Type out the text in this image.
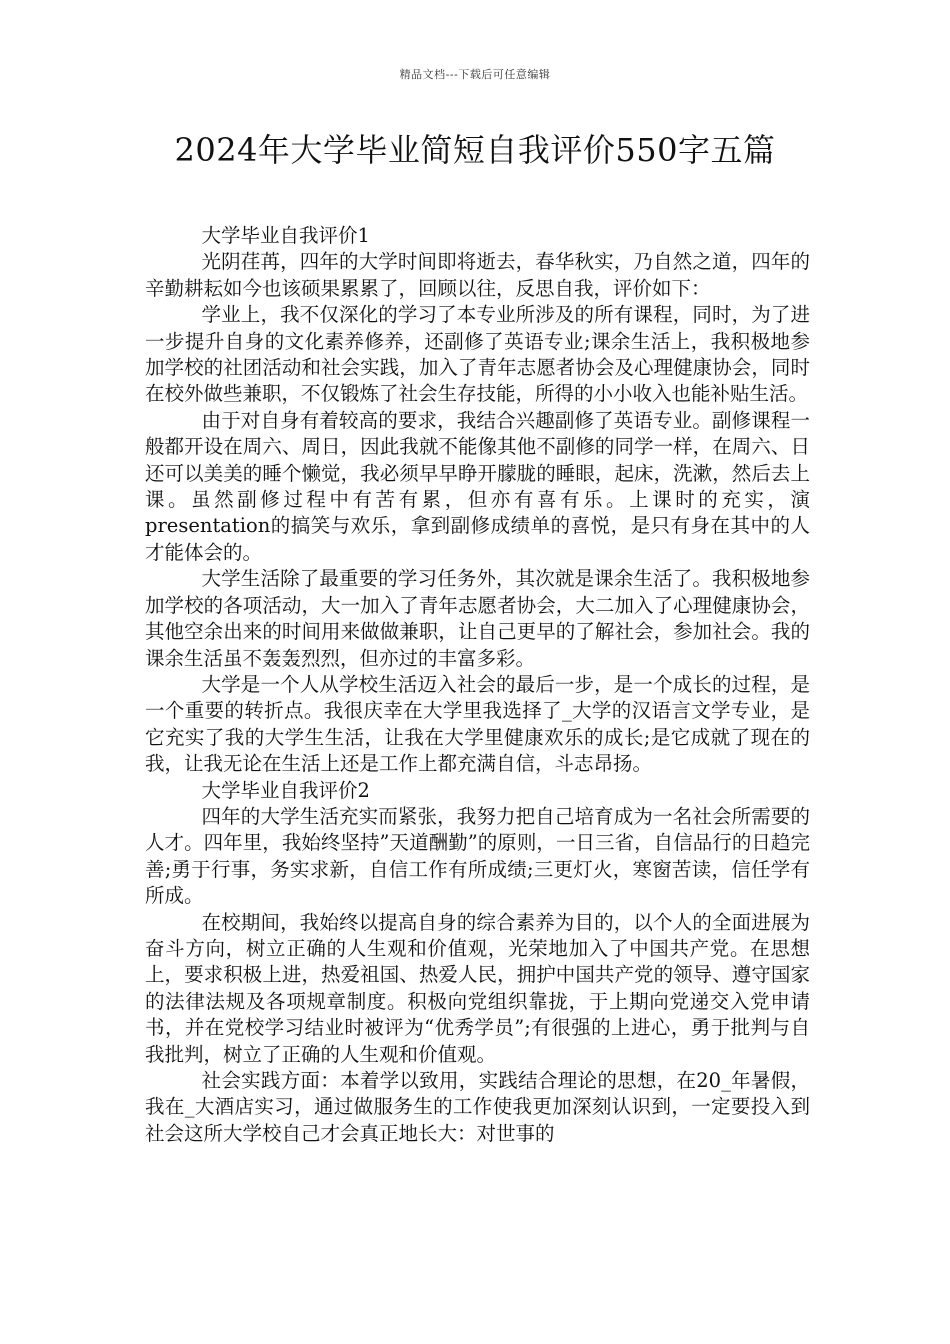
精品文档---下载后可任意编辑
2024年大学毕业简短自我评价550字五篇

大学毕业自我评价1

光阴荏苒，四年的大学时间即将逝去，春华秋实，乃自然之道，四年的辛勤耕耘如今也该硕果累累了，回顾以往，反思自我，评价如下：

学业上，我不仅深化的学习了本专业所涉及的所有课程，同时，为了进一步提升自身的文化素养修养，还副修了英语专业;课余生活上，我积极地参加学校的社团活动和社会实践，加入了青年志愿者协会及心理健康协会，同时在校外做些兼职，不仅锻炼了社会生存技能，所得的小小收入也能补贴生活。

由于对自身有着较高的要求，我结合兴趣副修了英语专业。副修课程一般都开设在周六、周日，因此我就不能像其他不副修的同学一样，在周六、日还可以美美的睡个懒觉，我必须早早睁开朦胧的睡眼，起床，洗漱，然后去上课。虽然副修过程中有苦有累，但亦有喜有乐。上课时的充实，演presentation的搞笑与欢乐，拿到副修成绩单的喜悦，是只有身在其中的人才能体会的。

大学生活除了最重要的学习任务外，其次就是课余生活了。我积极地参加学校的各项活动，大一加入了青年志愿者协会，大二加入了心理健康协会，其他空余出来的时间用来做做兼职，让自己更早的了解社会，参加社会。我的课余生活虽不轰轰烈烈，但亦过的丰富多彩。

大学是一个人从学校生活迈入社会的最后一步，是一个成长的过程，是一个重要的转折点。我很庆幸在大学里我选择了_大学的汉语言文学专业，是它充实了我的大学生生活，让我在大学里健康欢乐的成长;是它成就了现在的我，让我无论在生活上还是工作上都充满自信，斗志昂扬。

大学毕业自我评价2

四年的大学生活充实而紧张，我努力把自己培育成为一名社会所需要的人才。四年里，我始终坚持”天道酬勤”的原则，一日三省，自信品行的日趋完善;勇于行事，务实求新，自信工作有所成绩;三更灯火，寒窗苦读，信任学有所成。

在校期间，我始终以提高自身的综合素养为目的，以个人的全面进展为奋斗方向，树立正确的人生观和价值观，光荣地加入了中国共产党。在思想上，要求积极上进，热爱祖国、热爱人民，拥护中国共产党的领导、遵守国家的法律法规及各项规章制度。积极向党组织靠拢，于上期向党递交入党申请书，并在党校学习结业时被评为“优秀学员”;有很强的上进心，勇于批判与自我批判，树立了正确的人生观和价值观。

社会实践方面：本着学以致用，实践结合理论的思想，在20_年暑假，我在_大酒店实习，通过做服务生的工作使我更加深刻认识到，一定要投入到社会这所大学校自己才会真正地长大：对世事的
